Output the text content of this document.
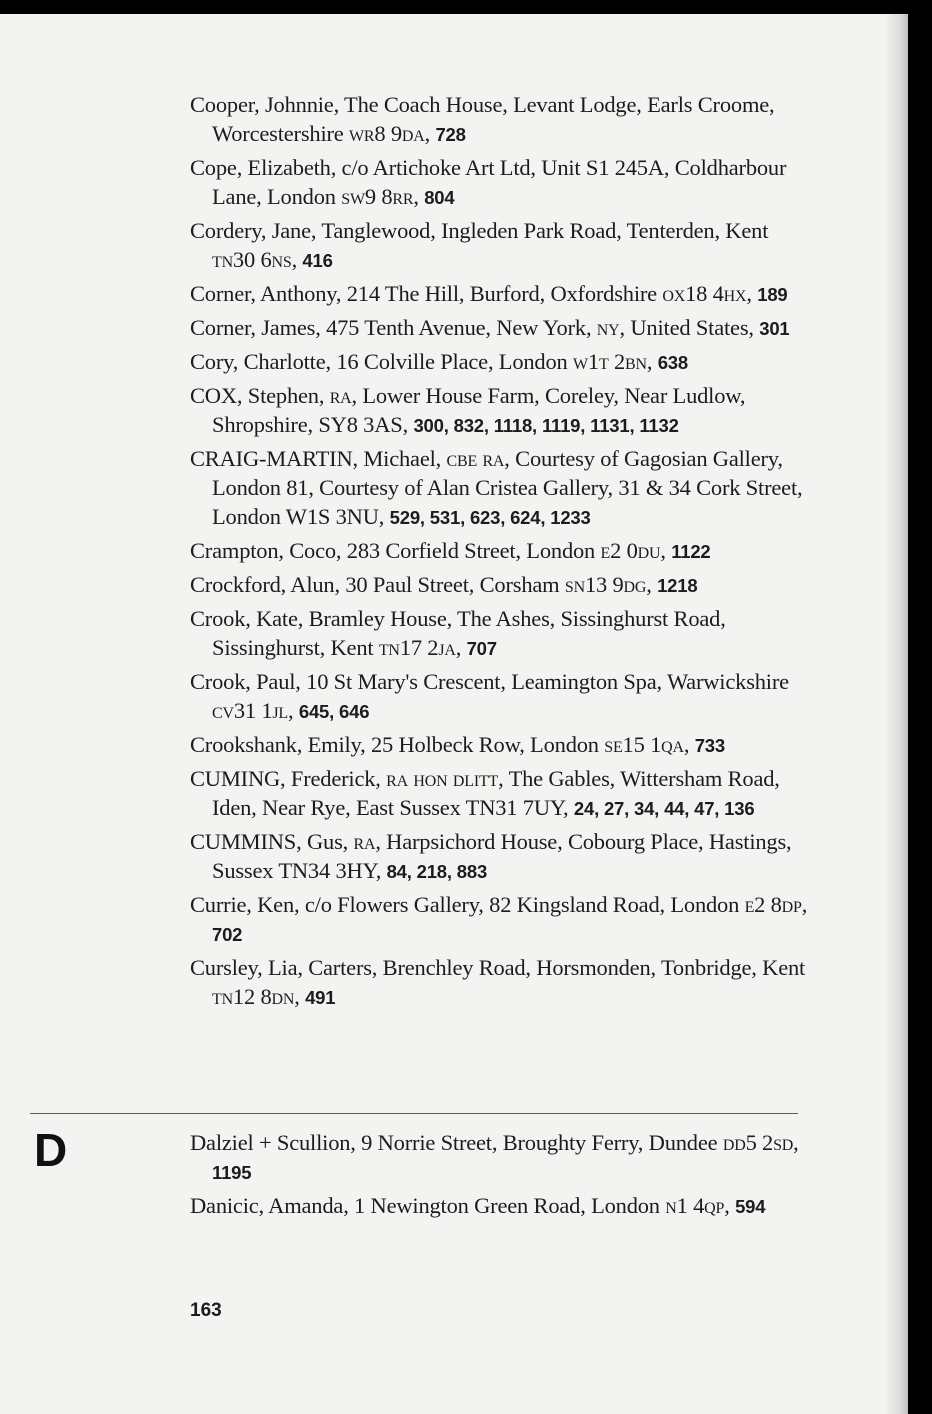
Cooper, Johnnie, The Coach House, Levant Lodge, Earls Croome, Worcestershire wr8 9da, 728
Cope, Elizabeth, c/o Artichoke Art Ltd, Unit S1 245A, Coldharbour Lane, London sw9 8rr, 804
Cordery, Jane, Tanglewood, Ingleden Park Road, Tenterden, Kent tn30 6ns, 416
Corner, Anthony, 214 The Hill, Burford, Oxfordshire ox18 4hx, 189
Corner, James, 475 Tenth Avenue, New York, ny, United States, 301
Cory, Charlotte, 16 Colville Place, London w1t 2bn, 638
COX, Stephen, ra, Lower House Farm, Coreley, Near Ludlow, Shropshire, SY8 3AS, 300, 832, 1118, 1119, 1131, 1132
CRAIG-MARTIN, Michael, cbe ra, Courtesy of Gagosian Gallery, London 81, Courtesy of Alan Cristea Gallery, 31 & 34 Cork Street, London W1S 3NU, 529, 531, 623, 624, 1233
Crampton, Coco, 283 Corfield Street, London e2 0du, 1122
Crockford, Alun, 30 Paul Street, Corsham sn13 9dg, 1218
Crook, Kate, Bramley House, The Ashes, Sissinghurst Road, Sissinghurst, Kent tn17 2ja, 707
Crook, Paul, 10 St Mary's Crescent, Leamington Spa, Warwickshire cv31 1jl, 645, 646
Crookshank, Emily, 25 Holbeck Row, London se15 1qa, 733
CUMING, Frederick, ra hon dlitt, The Gables, Wittersham Road, Iden, Near Rye, East Sussex TN31 7UY, 24, 27, 34, 44, 47, 136
CUMMINS, Gus, ra, Harpsichord House, Cobourg Place, Hastings, Sussex TN34 3HY, 84, 218, 883
Currie, Ken, c/o Flowers Gallery, 82 Kingsland Road, London e2 8dp, 702
Cursley, Lia, Carters, Brenchley Road, Horsmonden, Tonbridge, Kent tn12 8dn, 491
D	Dalziel + Scullion, 9 Norrie Street, Broughty Ferry, Dundee dd5 2sd, 1195
Danicic, Amanda, 1 Newington Green Road, London n1 4qp, 594
163
